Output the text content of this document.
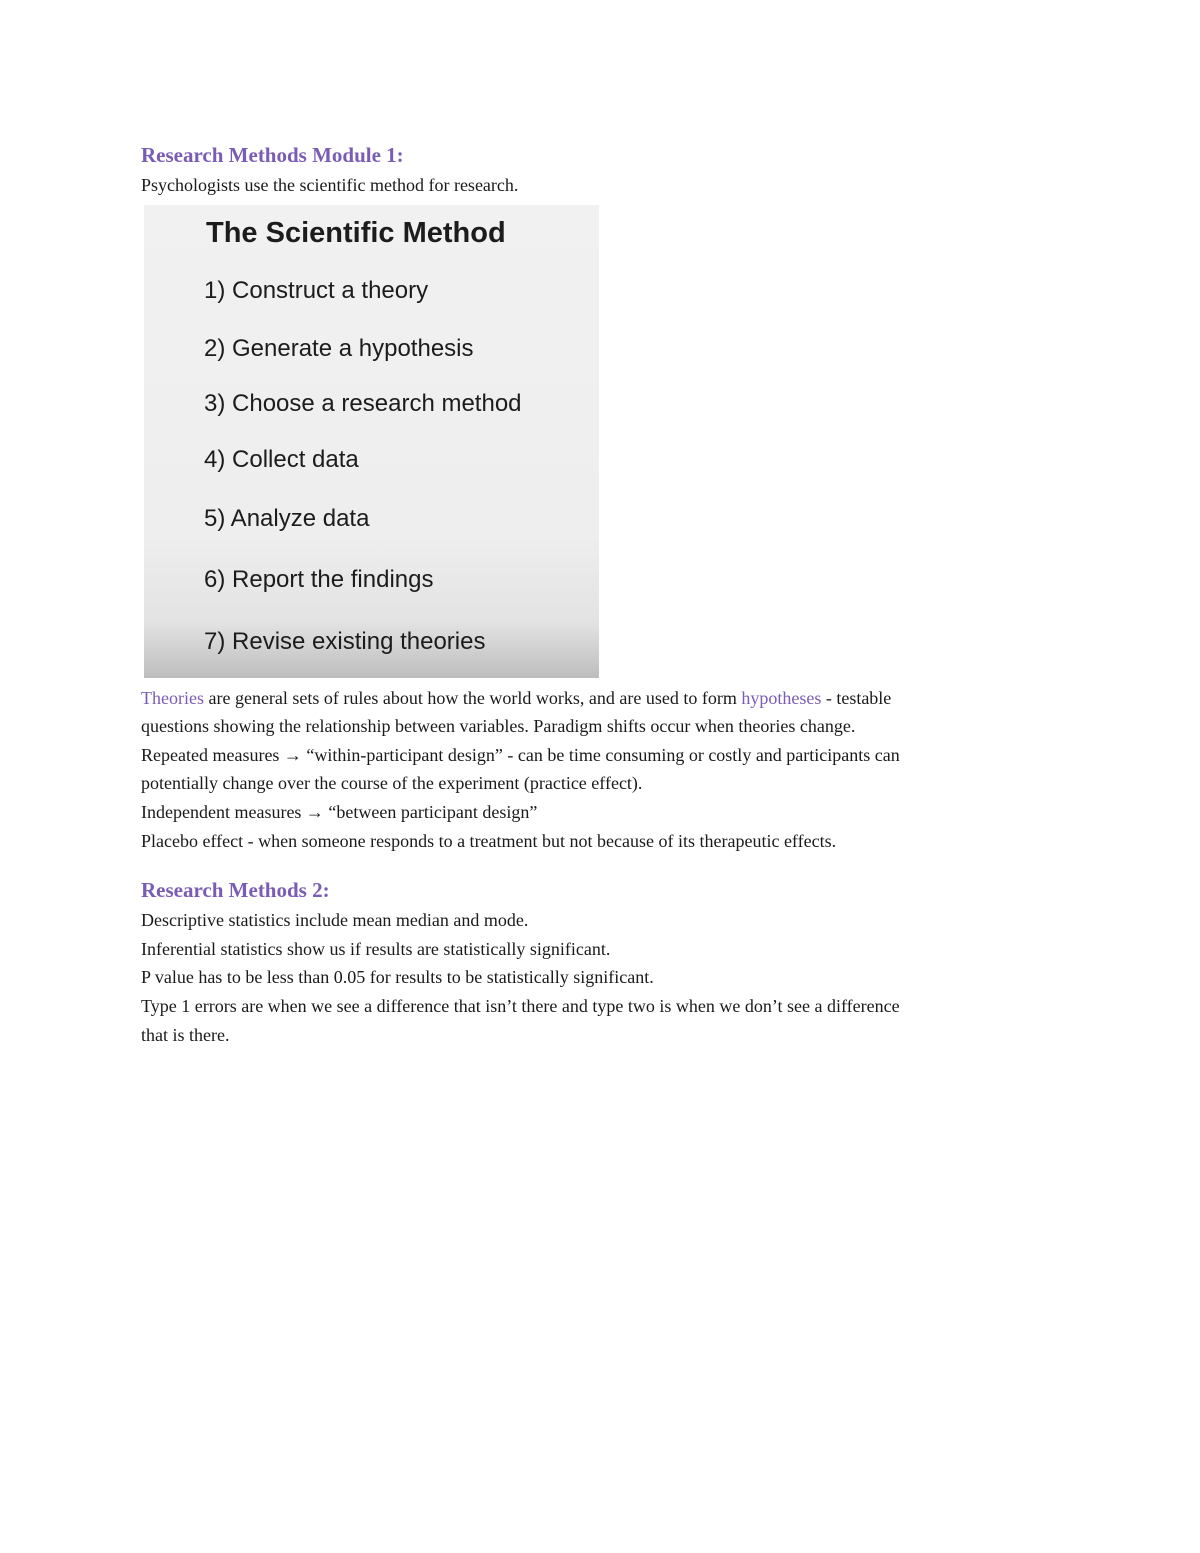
Research Methods Module 1:

Psychologists use the scientific method for research.

The Scientific Method

1) Construct a theory
2) Generate a hypothesis
3) Choose a research method
4) Collect data
5) Analyze data
6) Report the findings
7) Revise existing theories

Theories are general sets of rules about how the world works, and are used to form hypotheses - testable

questions showing the relationship between variables. Paradigm shifts occur when theories change.

Repeated measures → “within-participant design” - can be time consuming or costly and participants can

potentially change over the course of the experiment (practice effect).

Independent measures → “between participant design”

Placebo effect - when someone responds to a treatment but not because of its therapeutic effects.

Research Methods 2:

Descriptive statistics include mean median and mode.

Inferential statistics show us if results are statistically significant.

P value has to be less than 0.05 for results to be statistically significant.

Type 1 errors are when we see a difference that isn’t there and type two is when we don’t see a difference

that is there.
